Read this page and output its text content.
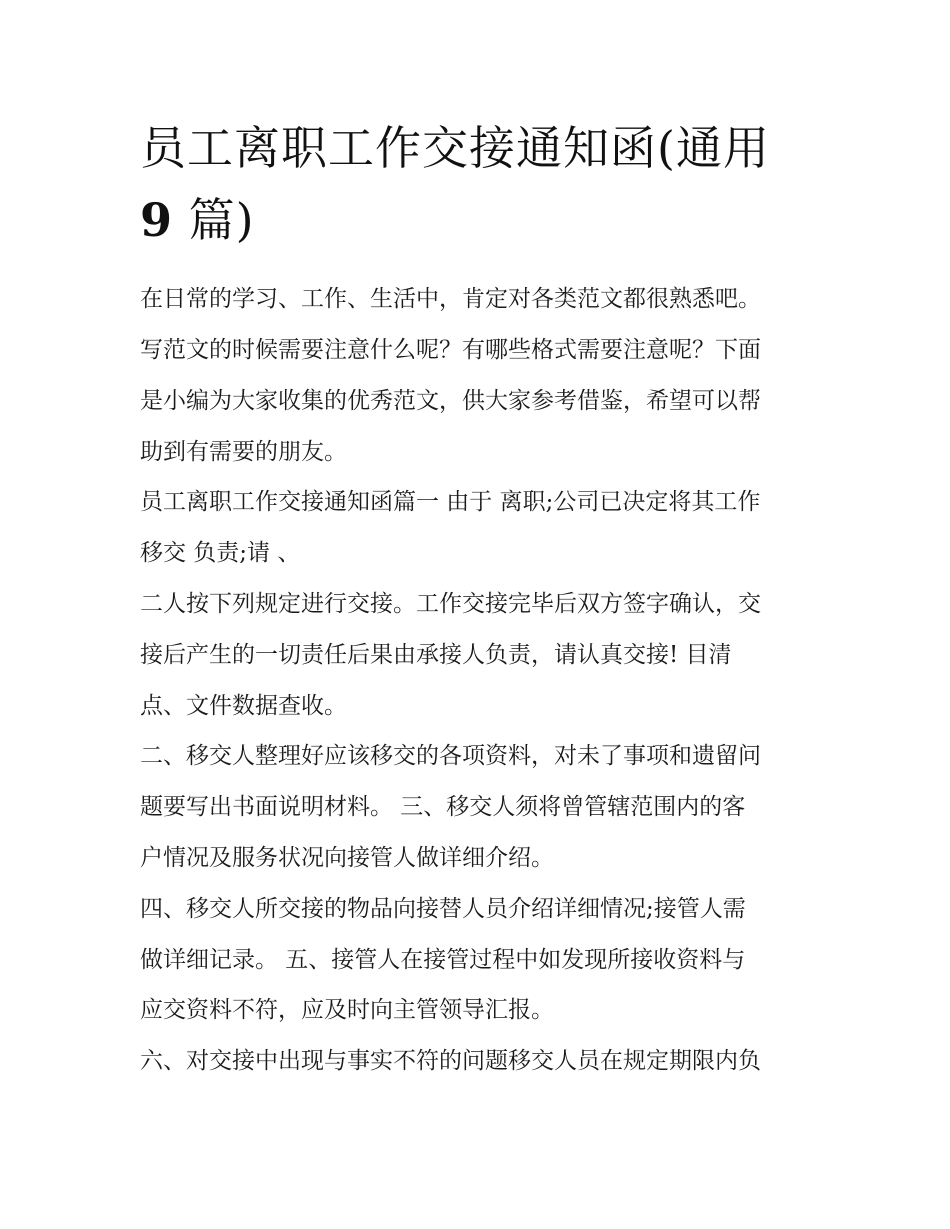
员工离职工作交接通知函(通用
9 篇)

在日常的学习、工作、生活中，肯定对各类范文都很熟悉吧。

写范文的时候需要注意什么呢？有哪些格式需要注意呢？下面

是小编为大家收集的优秀范文，供大家参考借鉴，希望可以帮

助到有需要的朋友。

员工离职工作交接通知函篇一 由于 离职;公司已决定将其工作

移交 负责;请 、

二人按下列规定进行交接。工作交接完毕后双方签字确认，交

接后产生的一切责任后果由承接人负责，请认真交接! 目清

点、文件数据查收。

二、移交人整理好应该移交的各项资料，对未了事项和遗留问

题要写出书面说明材料。 三、移交人须将曾管辖范围内的客

户情况及服务状况向接管人做详细介绍。

四、移交人所交接的物品向接替人员介绍详细情况;接管人需

做详细记录。 五、接管人在接管过程中如发现所接收资料与

应交资料不符，应及时向主管领导汇报。

六、对交接中出现与事实不符的问题移交人员在规定期限内负
